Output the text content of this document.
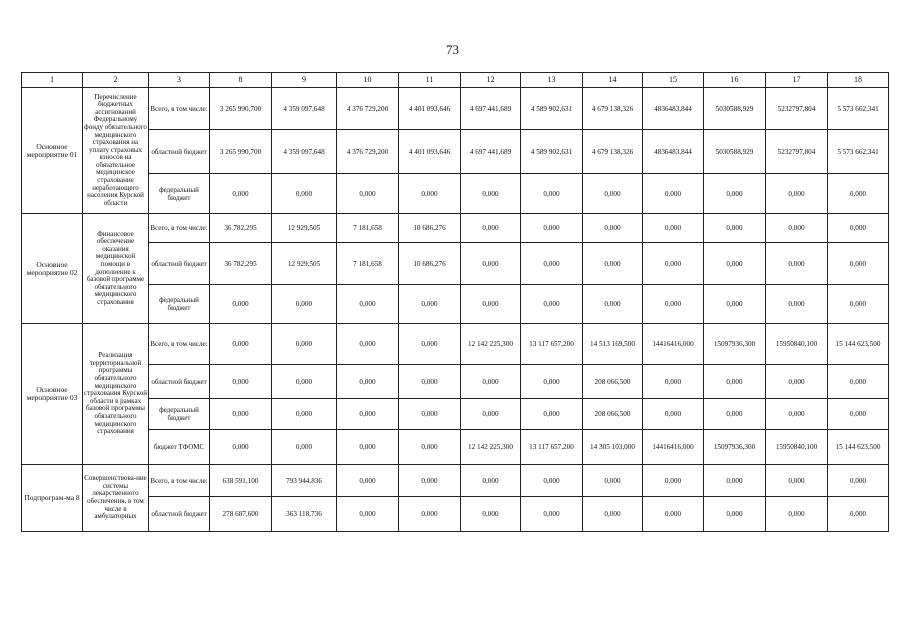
73
1	2	3	8	9	10	11	12	13	14	15	16	17	18
Основное мероприятие 01	Перечисление бюджетных ассигнований Федеральному фонду обязательного медицинского страхования на уплату страховых взносов на обязательное медицинское страхование неработающего населения Курской области	Всего, в том числе:	3 265 990,700	4 359 097,648	4 376 729,200	4 401 093,646	4 697 441,689	4 589 902,631	4 679 138,326	4836483,844	5030588,929	5232797,804	5 573 662,341
		областной бюджет	3 265 990,700	4 359 097,648	4 376 729,200	4 401 093,646	4 697 441,689	4 589 902,631	4 679 138,326	4836483,844	5030588,929	5232797,804	5 573 662,341
		федеральный бюджет	0,000	0,000	0,000	0,000	0,000	0,000	0,000	0,000	0,000	0,000	0,000
Основное мероприятие 02	Финансовое обеспечение оказания медицинской помощи в дополнение к базовой программе обязательного медицинского страхования	Всего, в том числе:	36 782,295	12 929,505	7 181,658	10 686,276	0,000	0,000	0,000	0,000	0,000	0,000	0,000
		областной бюджет	36 782,295	12 929,505	7 181,658	10 686,276	0,000	0,000	0,000	0,000	0,000	0,000	0,000
		федеральный бюджет	0,000	0,000	0,000	0,000	0,000	0,000	0,000	0,000	0,000	0,000	0,000
Основное мероприятие 03	Реализация территориальной программы обязательного медицинского страхования Курской области в рамках базовой программы обязательного медицинского страхования	Всего, в том числе:	0,000	0,000	0,000	0,000	12 142 225,300	13 117 657,200	14 513 169,500	14416416,000	15097936,300	15950840,100	15 144 623,500
		областной бюджет	0,000	0,000	0,000	0,000	0,000	0,000	208 066,500	0,000	0,000	0,000	0,000
		федеральный бюджет	0,000	0,000	0,000	0,000	0,000	0,000	208 066,500	0,000	0,000	0,000	0,000
		бюджет ТФОМС	0,000	0,000	0,000	0,000	12 142 225,300	13 117 657,200	14 305 103,000	14416416,000	15097936,300	15950840,100	15 144 623,500
Подпрограм-ма 8	Совершенствова-ние системы лекарственного обеспечения, в том числе в амбулаторных	Всего, в том числе:	638 591,100	793 944,836	0,000	0,000	0,000	0,000	0,000	0,000	0,000	0,000	0,000
		областной бюджет	278 687,600	363 118,736	0,000	0,000	0,000	0,000	0,000	0,000	0,000	0,000	0,000
